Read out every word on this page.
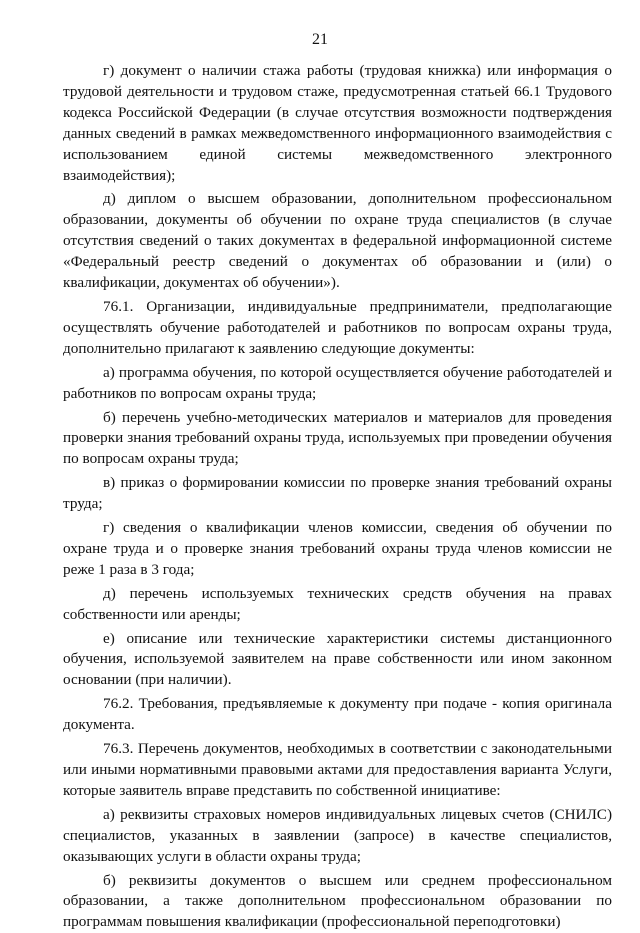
21

г) документ о наличии стажа работы (трудовая книжка) или информация о трудовой деятельности и трудовом стаже, предусмотренная статьей 66.1 Трудового кодекса Российской Федерации (в случае отсутствия возможности подтверждения данных сведений в рамках межведомственного информационного взаимодействия с использованием единой системы межведомственного электронного взаимодействия);

д) диплом о высшем образовании, дополнительном профессиональном образовании, документы об обучении по охране труда специалистов (в случае отсутствия сведений о таких документах в федеральной информационной системе «Федеральный реестр сведений о документах об образовании и (или) о квалификации, документах об обучении»).

76.1. Организации, индивидуальные предприниматели, предполагающие осуществлять обучение работодателей и работников по вопросам охраны труда, дополнительно прилагают к заявлению следующие документы:

а) программа обучения, по которой осуществляется обучение работодателей и работников по вопросам охраны труда;

б) перечень учебно-методических материалов и материалов для проведения проверки знания требований охраны труда, используемых при проведении обучения по вопросам охраны труда;

в) приказ о формировании комиссии по проверке знания требований охраны труда;

г) сведения о квалификации членов комиссии, сведения об обучении по охране труда и о проверке знания требований охраны труда членов комиссии не реже 1 раза в 3 года;

д) перечень используемых технических средств обучения на правах собственности или аренды;

е) описание или технические характеристики системы дистанционного обучения, используемой заявителем на праве собственности или ином законном основании (при наличии).

76.2. Требования, предъявляемые к документу при подаче - копия оригинала документа.

76.3. Перечень документов, необходимых в соответствии с законодательными или иными нормативными правовыми актами для предоставления варианта Услуги, которые заявитель вправе представить по собственной инициативе:

а) реквизиты страховых номеров индивидуальных лицевых счетов (СНИЛС) специалистов, указанных в заявлении (запросе) в качестве специалистов, оказывающих услуги в области охраны труда;

б) реквизиты документов о высшем или среднем профессиональном образовании, а также дополнительном профессиональном образовании по программам повышения квалификации (профессиональной переподготовки)
